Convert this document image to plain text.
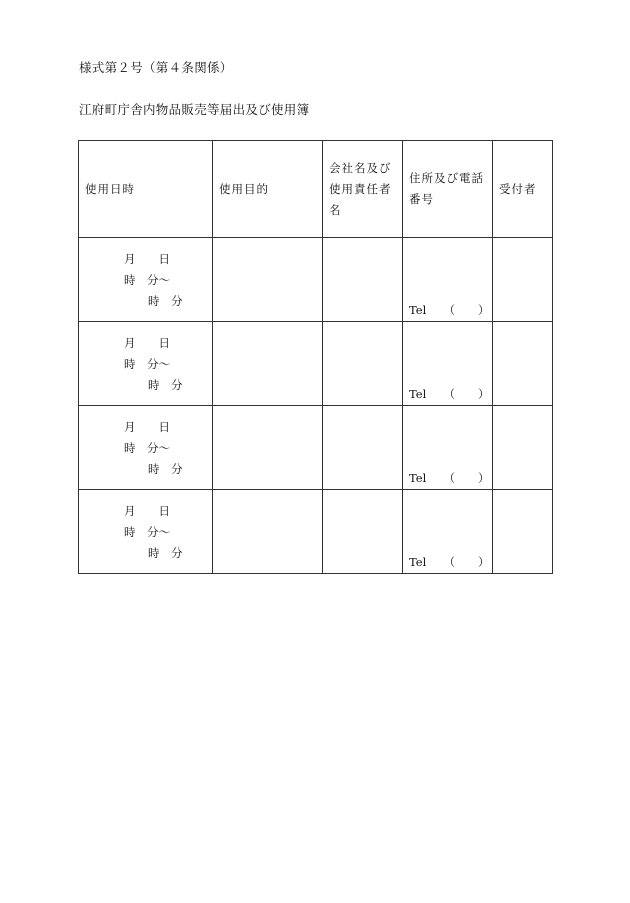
様式第２号（第４条関係）
江府町庁舎内物品販売等届出及び使用簿
使用日時	使用目的	会社名及び使用責任者名	住所及び電話番号	受付者

月　　日
時　分～
時　分			Tel　　（　　）	

月　　日
時　分～
時　分			Tel　　（　　）	

月　　日
時　分～
時　分			Tel　　（　　）	

月　　日
時　分～
時　分			Tel　　（　　）	
